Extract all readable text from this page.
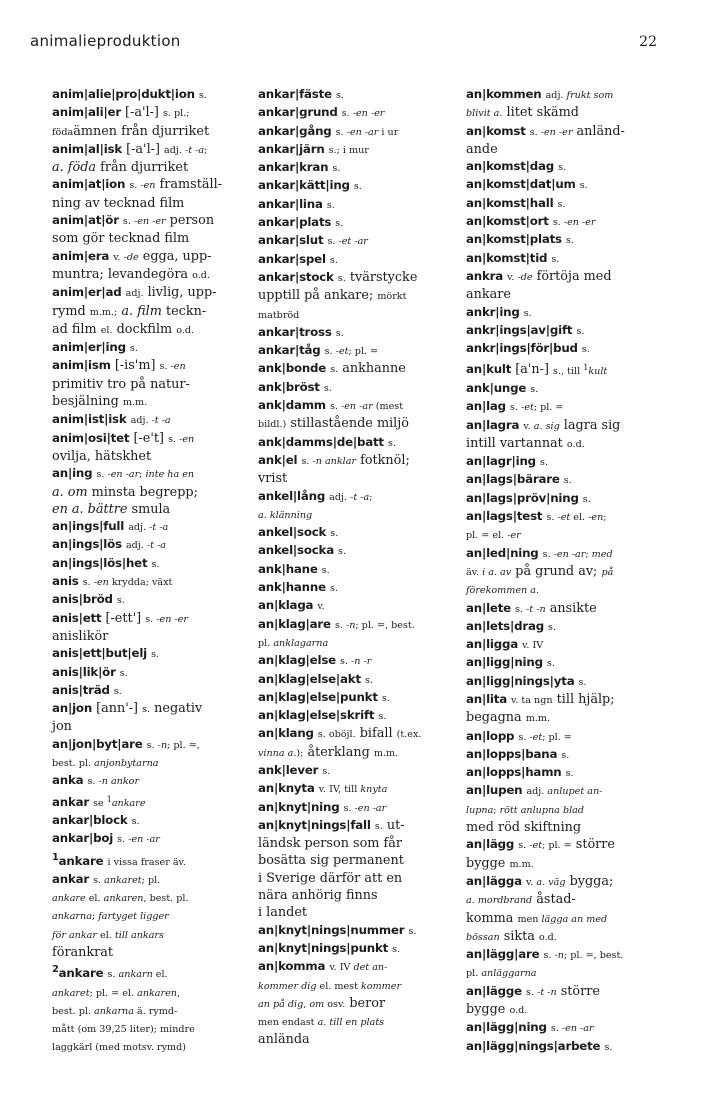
animalieproduktion	22
anim|alie|pro|dukt|ion s.
anim|ali|er [-a'l-] s. pl.;
födaämnen från djurriket
anim|al|isk [-a'l-] adj. -t -a;
a. föda från djurriket
anim|at|ion s. -en framställ-
ning av tecknad film
anim|at|ör s. -en -er person
som gör tecknad film
anim|era v. -de egga, upp-
muntra; levandegöra o.d.
anim|er|ad adj. livlig, upp-
rymd m.m.; a. film teckn-
ad film el. dockfilm o.d.
anim|er|ing s.
anim|ism [-is'm] s. -en
primitiv tro på natur-
besjälning m.m.
anim|ist|isk adj. -t -a
anim|osi|tet [-e't] s. -en
ovilja, hätskhet
an|ing s. -en -ar; inte ha en
a. om minsta begrepp;
en a. bättre smula
an|ings|full adj. -t -a
an|ings|lös adj. -t -a
an|ings|lös|het s.
anis s. -en krydda; växt
anis|bröd s.
anis|ett [-ett'] s. -en -er
anislikör
anis|ett|but|elj s.
anis|lik|ör s.
anis|träd s.
an|jon [ann'-] s. negativ
jon
an|jon|byt|are s. -n; pl. =,
best. pl. anjonbytarna
anka s. -n ankor
ankar se $^1$ankare
ankar|block s.
ankar|boj s. -en -ar
$^1$ankare i vissa fraser äv.
ankar s. ankaret; pl.
ankare el. ankaren, best. pl.
ankarna; fartyget ligger
för ankar el. till ankars
förankrat
$^2$ankare s. ankarn el.
ankaret; pl. = el. ankaren,
best. pl. ankarna ä. rymd-
mått (om 39,25 liter); mindre
laggkärl (med motsv. rymd)
ankar|fäste s.
ankar|grund s. -en -er
ankar|gång s. -en -ar i ur
ankar|järn s.; i mur
ankar|kran s.
ankar|kätt|ing s.
ankar|lina s.
ankar|plats s.
ankar|slut s. -et -ar
ankar|spel s.
ankar|stock s. tvärstycke
upptill på ankare; mörkt
matbröd
ankar|tross s.
ankar|tåg s. -et; pl. =
ank|bonde s. ankhanne
ank|bröst s.
ank|damm s. -en -ar (mest
bildl.) stillastående miljö
ank|damms|de|batt s.
ank|el s. -n anklar fotknöl;
vrist
ankel|lång adj. -t -a;
a. klänning
ankel|sock s.
ankel|socka s.
ank|hane s.
ank|hanne s.
an|klaga v.
an|klag|are s. -n; pl. =, best.
pl. anklagarna
an|klag|else s. -n -r
an|klag|else|akt s.
an|klag|else|punkt s.
an|klag|else|skrift s.
an|klang s. oböjl. bifall (t.ex.
vinna a.); återklang m.m.
ank|lever s.
an|knyta v. IV, till knyta
an|knyt|ning s. -en -ar
an|knyt|nings|fall s. ut-
ländsk person som får
bosätta sig permanent
i Sverige därför att en
nära anhörig finns
i landet
an|knyt|nings|nummer s.
an|knyt|nings|punkt s.
an|komma v. IV det an-
kommer dig el. mest kommer
an på dig, om osv. beror
men endast a. till en plats
anlända
an|kommen adj. frukt som
blivit a. litet skämd
an|komst s. -en -er anländ-
ande
an|komst|dag s.
an|komst|dat|um s.
an|komst|hall s.
an|komst|ort s. -en -er
an|komst|plats s.
an|komst|tid s.
ankra v. -de förtöja med
ankare
ankr|ing s.
ankr|ings|av|gift s.
ankr|ings|för|bud s.
an|kult [a'n-] s., till $^1$kult
ank|unge s.
an|lag s. -et; pl. =
an|lagra v. a. sig lagra sig
intill vartannat o.d.
an|lagr|ing s.
an|lags|bärare s.
an|lags|pröv|ning s.
an|lags|test s. -et el. -en;
pl. = el. -er
an|led|ning s. -en -ar; med
äv. i a. av på grund av; på
förekommen a.
an|lete s. -t -n ansikte
an|lets|drag s.
an|ligga v. IV
an|ligg|ning s.
an|ligg|nings|yta s.
an|lita v. ta ngn till hjälp;
begagna m.m.
an|lopp s. -et; pl. =
an|lopps|bana s.
an|lopps|hamn s.
an|lupen adj. anlupet an-
lupna; rött anlupna blad
med röd skiftning
an|lägg s. -et; pl. = större
bygge m.m.
an|lägga v. a. väg bygga;
a. mordbrand åstad-
komma men lägga an med
bössan sikta o.d.
an|lägg|are s. -n; pl. =, best.
pl. anläggarna
an|lägge s. -t -n större
bygge o.d.
an|lägg|ning s. -en -ar
an|lägg|nings|arbete s.
